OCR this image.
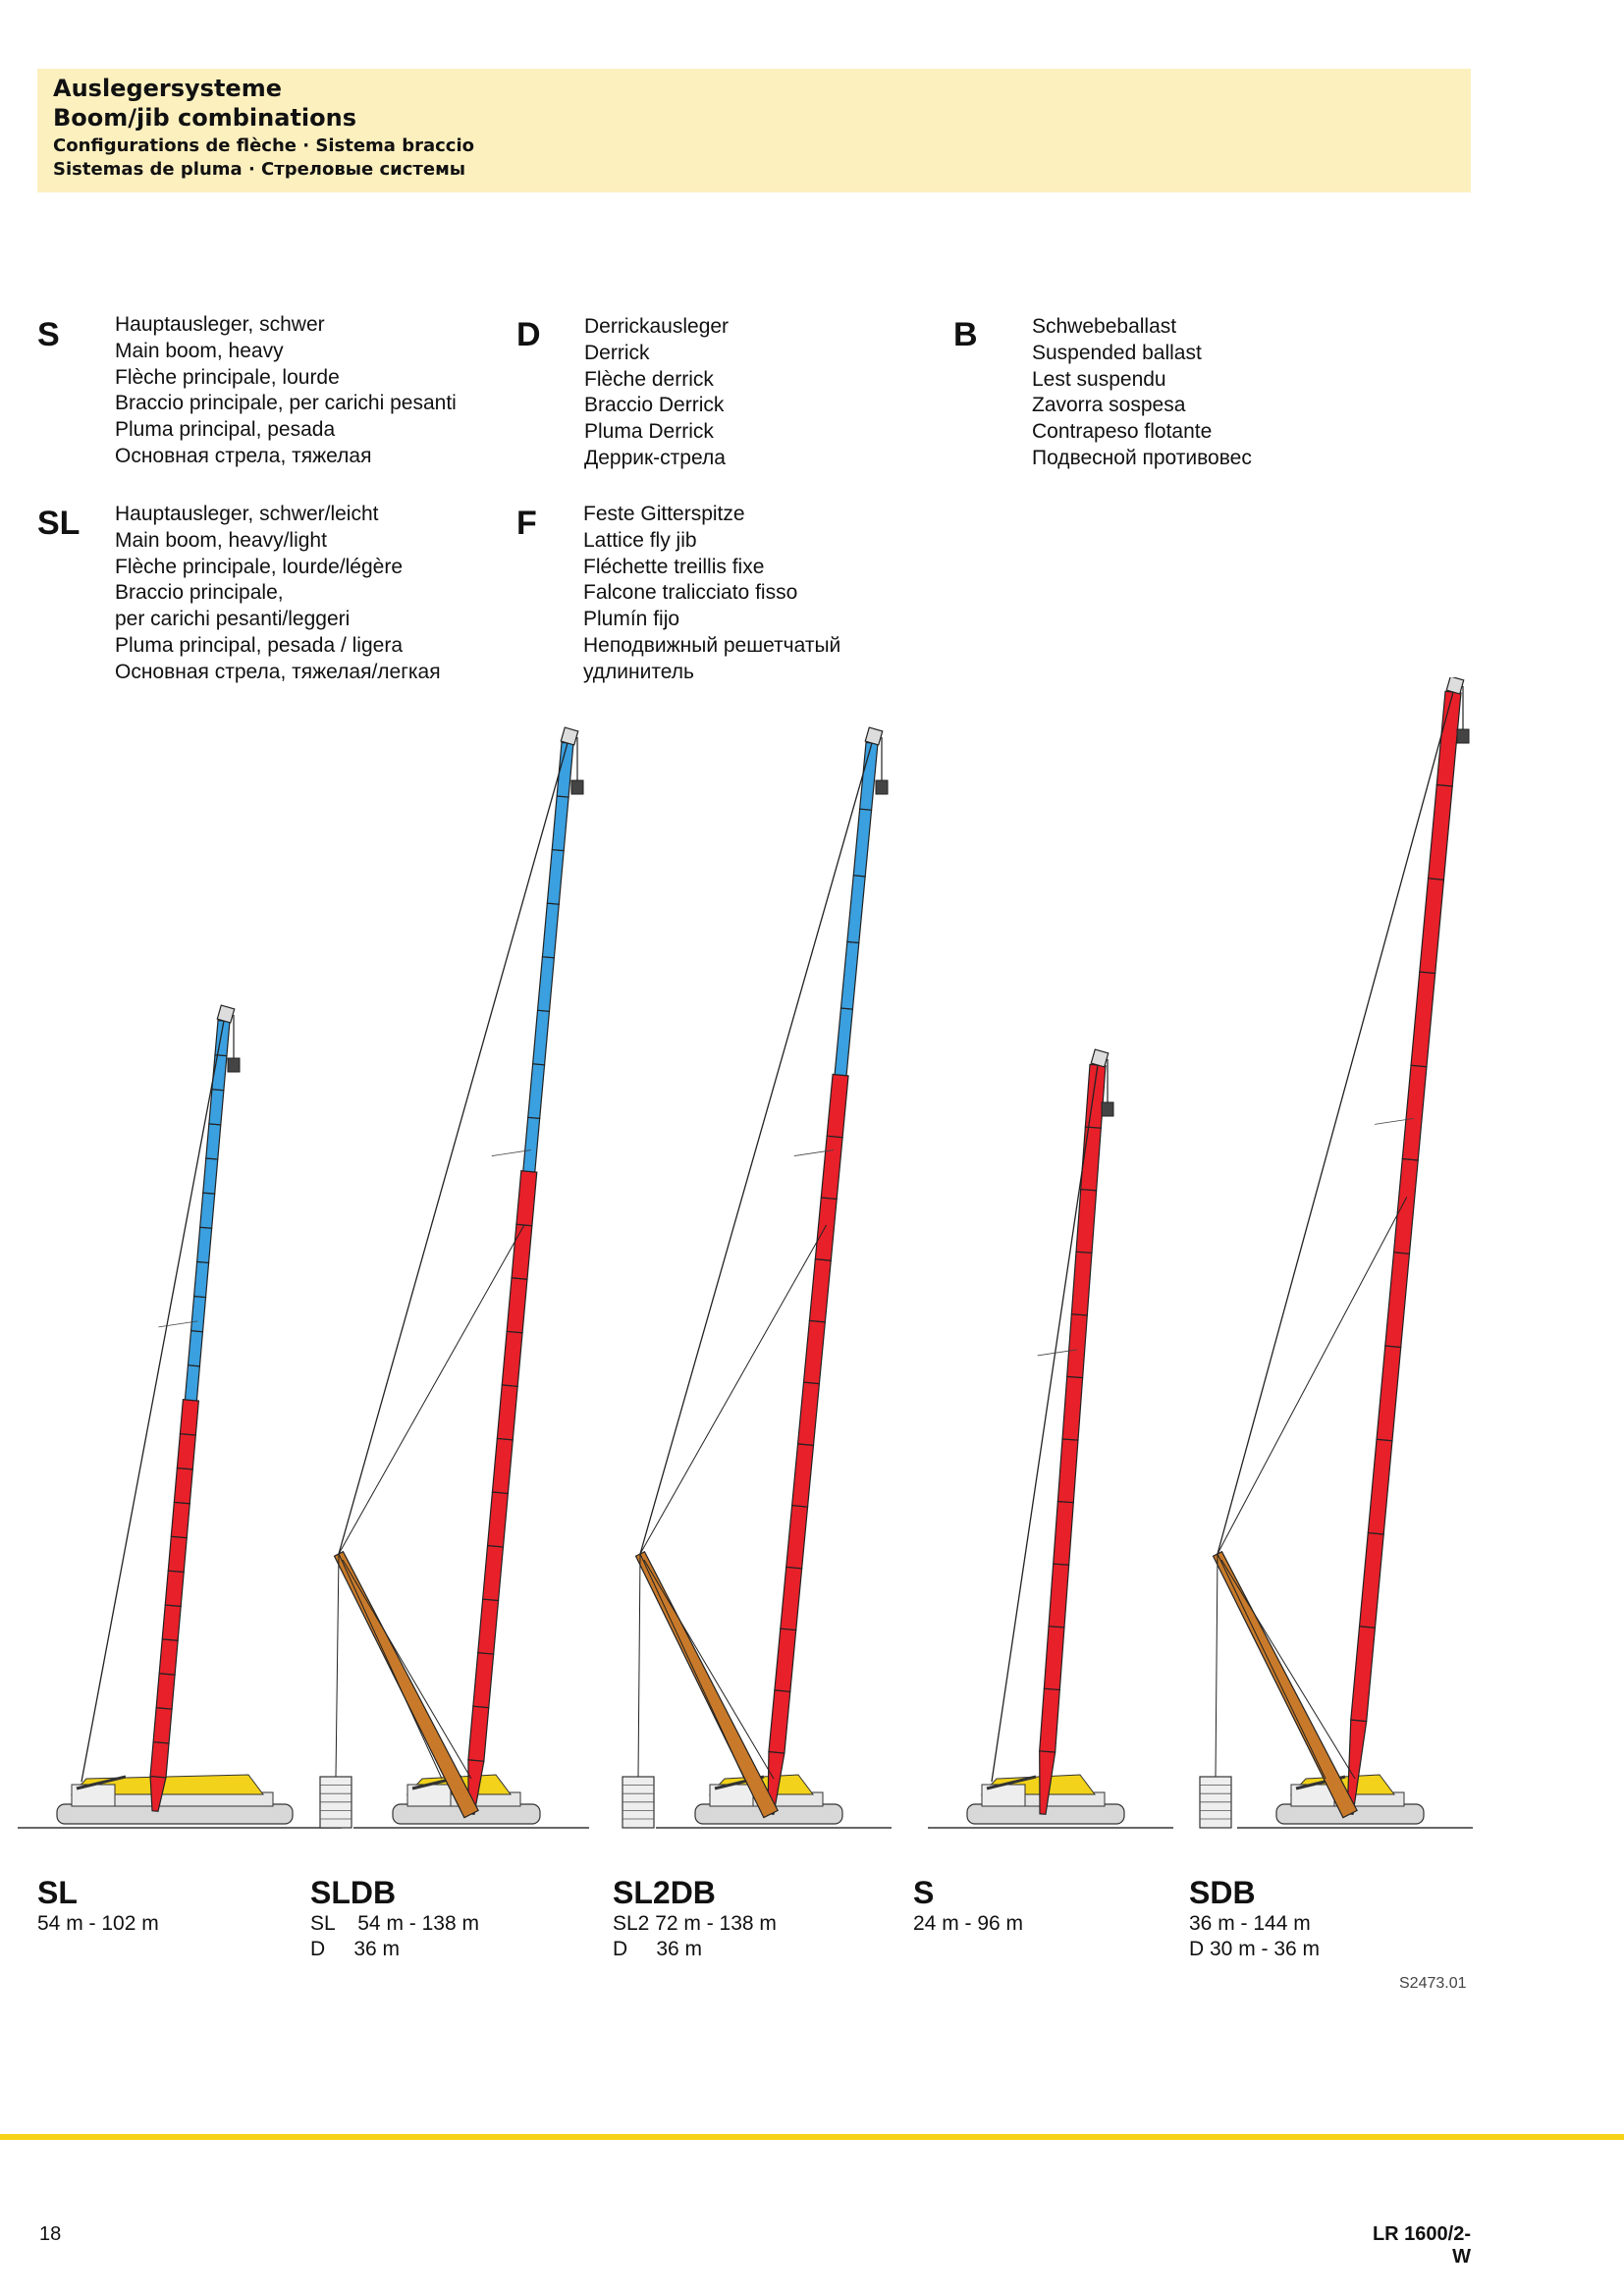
Auslegersysteme
Boom/jib combinations
Configurations de flèche · Sistema braccio
Sistemas de pluma · Стреловые системы
S	Hauptausleger, schwer
Main boom, heavy
Flèche principale, lourde
Braccio principale, per carichi pesanti
Pluma principal, pesada
Основная стрела, тяжелая
D Derrickausleger
Derrick
Flèche derrick
Braccio Derrick
Pluma Derrick
Деррик-стрела
B	Schwebeballast
Suspended ballast
Lest suspendu
Zavorra sospesa
Contrapeso flotante
Подвесной противовес
SL Hauptausleger, schwer/leicht
Main boom, heavy/light
Flèche principale, lourde/légère
Braccio principale,
per carichi pesanti/leggeri
Pluma principal, pesada / ligera
Основная стрела, тяжелая/легкая
F Feste Gitterspitze
Lattice fly jib
Fléchette treillis fixe
Falcone tralicciato fisso
Plumín fijo
Неподвижный решетчатый
удлинитель
SL
54 m - 102 m
SLDB
SL    54 m - 138 m
D     36 m
SL2DB
SL2 72 m - 138 m
D     36 m
S
24 m - 96 m
SDB
36 m - 144 m
D 30 m - 36 m
S2473.01
18	LR 1600/2-W
